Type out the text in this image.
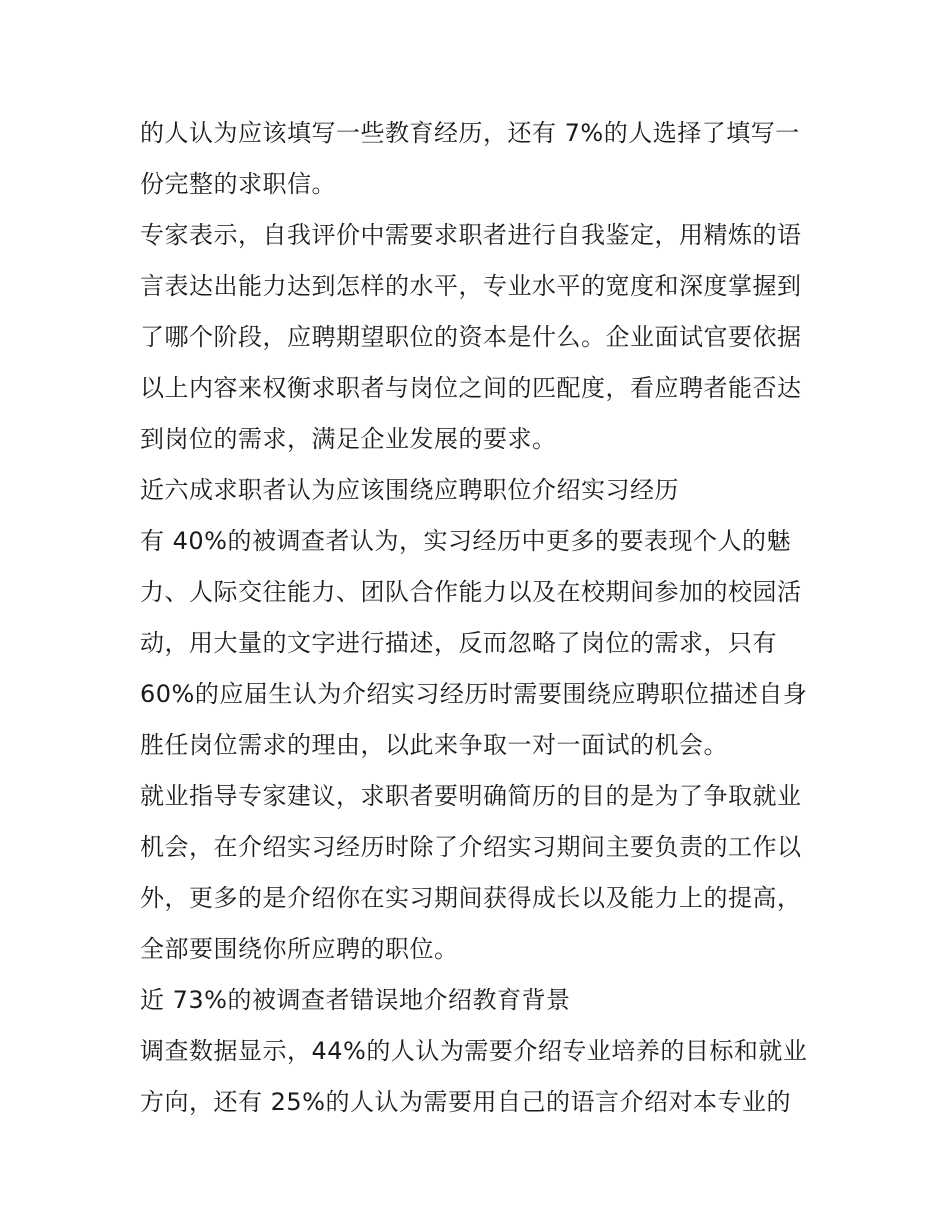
的人认为应该填写一些教育经历，还有 7%的人选择了填写一
份完整的求职信。
专家表示，自我评价中需要求职者进行自我鉴定，用精炼的语
言表达出能力达到怎样的水平，专业水平的宽度和深度掌握到
了哪个阶段，应聘期望职位的资本是什么。企业面试官要依据
以上内容来权衡求职者与岗位之间的匹配度，看应聘者能否达
到岗位的需求，满足企业发展的要求。
近六成求职者认为应该围绕应聘职位介绍实习经历
有 40%的被调查者认为，实习经历中更多的要表现个人的魅
力、人际交往能力、团队合作能力以及在校期间参加的校园活
动，用大量的文字进行描述，反而忽略了岗位的需求，只有
60%的应届生认为介绍实习经历时需要围绕应聘职位描述自身
胜任岗位需求的理由，以此来争取一对一面试的机会。
就业指导专家建议，求职者要明确简历的目的是为了争取就业
机会，在介绍实习经历时除了介绍实习期间主要负责的工作以
外，更多的是介绍你在实习期间获得成长以及能力上的提高，
全部要围绕你所应聘的职位。
近 73%的被调查者错误地介绍教育背景
调查数据显示，44%的人认为需要介绍专业培养的目标和就业
方向，还有 25%的人认为需要用自己的语言介绍对本专业的
